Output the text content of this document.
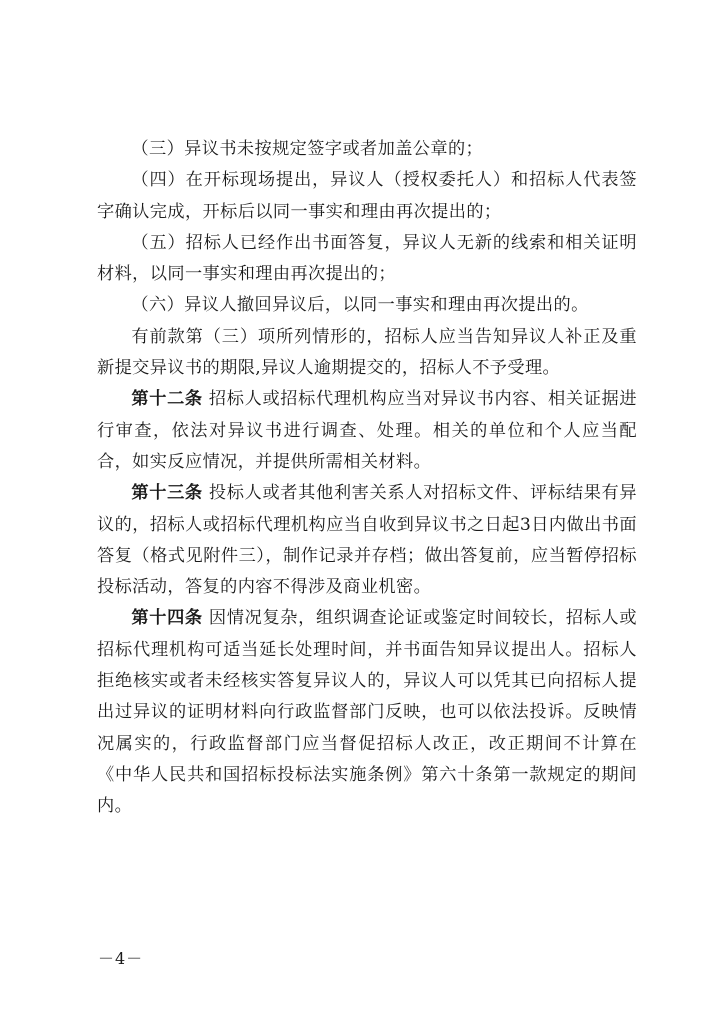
（三）异议书未按规定签字或者加盖公章的；

（四）在开标现场提出，异议人（授权委托人）和招标人代表签字确认完成，开标后以同一事实和理由再次提出的；

（五）招标人已经作出书面答复，异议人无新的线索和相关证明材料，以同一事实和理由再次提出的；

（六）异议人撤回异议后，以同一事实和理由再次提出的。

有前款第（三）项所列情形的，招标人应当告知异议人补正及重新提交异议书的期限,异议人逾期提交的，招标人不予受理。

第十二条 招标人或招标代理机构应当对异议书内容、相关证据进行审查，依法对异议书进行调查、处理。相关的单位和个人应当配合，如实反应情况，并提供所需相关材料。

第十三条 投标人或者其他利害关系人对招标文件、评标结果有异议的，招标人或招标代理机构应当自收到异议书之日起3日内做出书面答复（格式见附件三），制作记录并存档；做出答复前，应当暂停招标投标活动，答复的内容不得涉及商业机密。

第十四条 因情况复杂，组织调查论证或鉴定时间较长，招标人或招标代理机构可适当延长处理时间，并书面告知异议提出人。招标人拒绝核实或者未经核实答复异议人的，异议人可以凭其已向招标人提出过异议的证明材料向行政监督部门反映，也可以依法投诉。反映情况属实的，行政监督部门应当督促招标人改正，改正期间不计算在《中华人民共和国招标投标法实施条例》第六十条第一款规定的期间内。

－4－
